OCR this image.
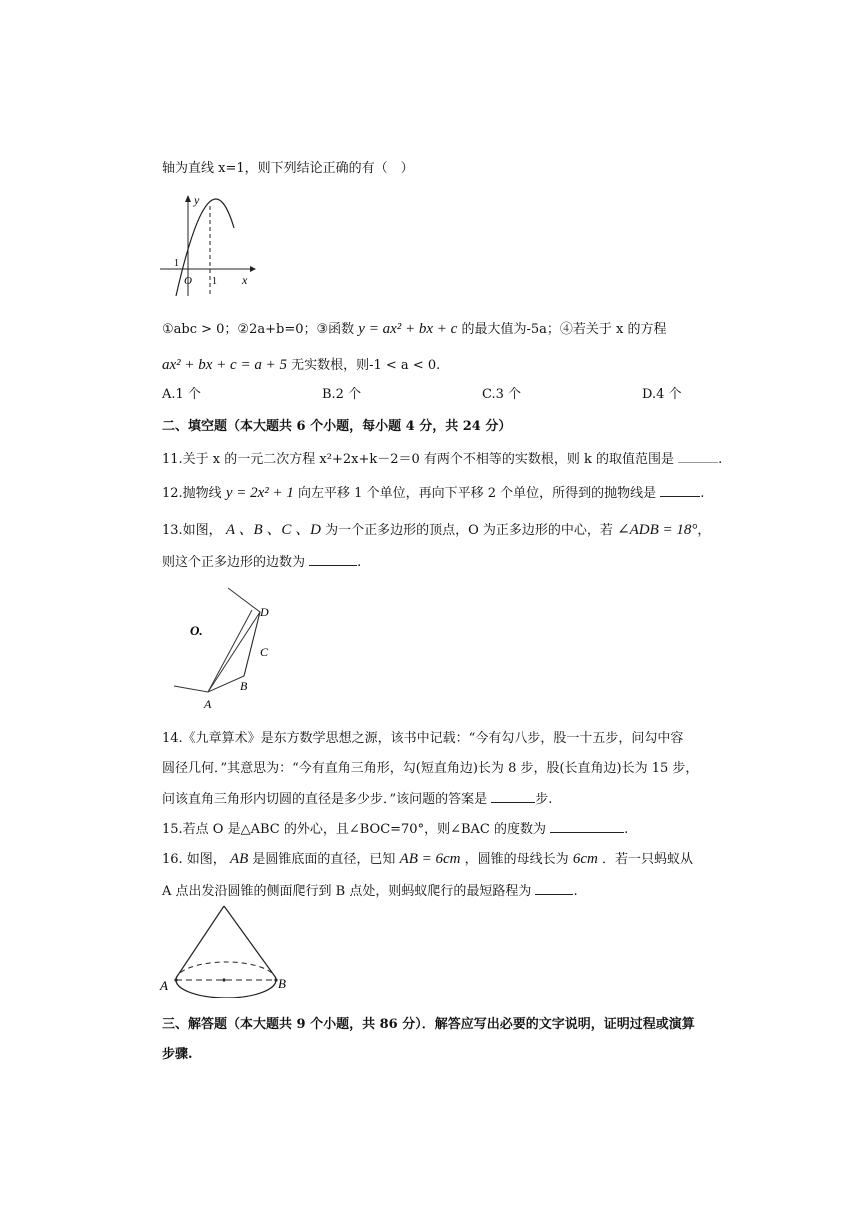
轴为直线 x=1，则下列结论正确的有（　）
y
x
O 1
1
①abc > 0；②2a+b=0；③函数 y = ax² + bx + c 的最大值为-5a；④若关于 x 的方程
ax² + bx + c = a + 5 无实数根，则-1 < a < 0.
A.1 个	B.2 个	C.3 个	D.4 个
二、填空题（本大题共 6 个小题，每小题 4 分，共 24 分）
11.关于 x 的一元二次方程 x²+2x+k－2＝0 有两个不相等的实数根，则 k 的取值范围是	.
12.抛物线 y = 2x² + 1 向左平移 1 个单位，再向下平移 2 个单位，所得到的抛物线是	.
13.如图， A 、B 、C 、D 为一个正多边形的顶点，O 为正多边形的中心，若 ∠ADB = 18°，
则这个正多边形的边数为	.
O.
A
B
C
D
14.《九章算术》是东方数学思想之源，该书中记载：“今有勾八步，股一十五步，问勾中容
圆径几何．”其意思为：“今有直角三角形，勾(短直角边)长为 8 步，股(长直角边)长为 15 步，
问该直角三角形内切圆的直径是多少步．”该问题的答案是	步.
15.若点 O 是△ABC 的外心，且∠BOC=70°，则∠BAC 的度数为	.
16. 如图， AB 是圆锥底面的直径，已知 AB = 6cm ，圆锥的母线长为 6cm ．若一只蚂蚁从
A 点出发沿圆锥的侧面爬行到 B 点处，则蚂蚁爬行的最短路程为	.
A	B
三、解答题（本大题共 9 个小题，共 86 分）．解答应写出必要的文字说明，证明过程或演算
步骤.
